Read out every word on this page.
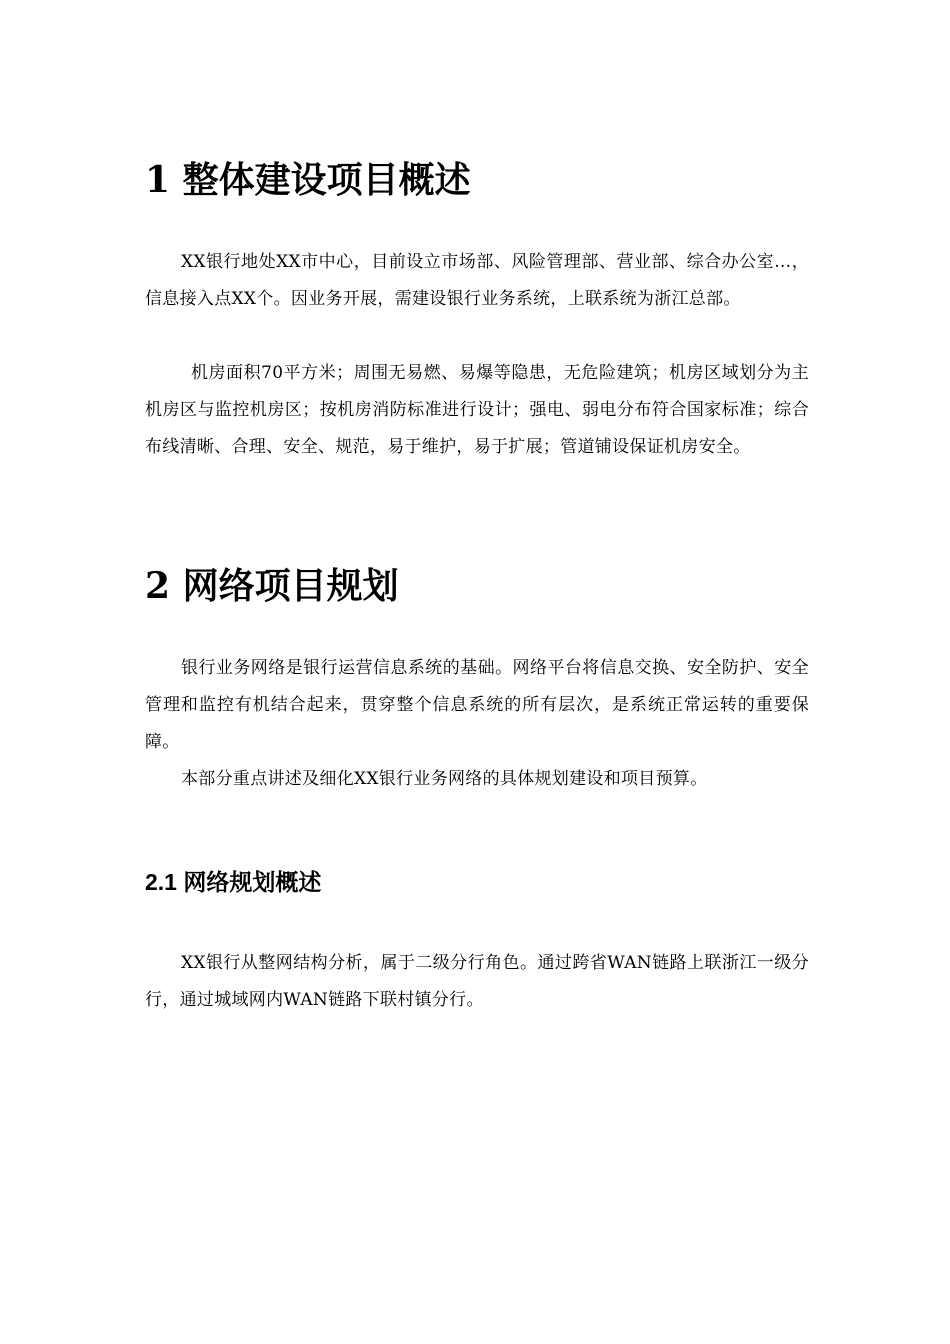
1 整体建设项目概述

XX银行地处XX市中心，目前设立市场部、风险管理部、营业部、综合办公室…，信息接入点XX个。因业务开展，需建设银行业务系统，上联系统为浙江总部。

机房面积70平方米；周围无易燃、易爆等隐患，无危险建筑；机房区域划分为主机房区与监控机房区；按机房消防标准进行设计；强电、弱电分布符合国家标准；综合布线清晰、合理、安全、规范，易于维护，易于扩展；管道铺设保证机房安全。

2 网络项目规划

银行业务网络是银行运营信息系统的基础。网络平台将信息交换、安全防护、安全管理和监控有机结合起来，贯穿整个信息系统的所有层次，是系统正常运转的重要保障。

本部分重点讲述及细化XX银行业务网络的具体规划建设和项目预算。

2.1 网络规划概述

XX银行从整网结构分析，属于二级分行角色。通过跨省WAN链路上联浙江一级分行，通过城域网内WAN链路下联村镇分行。
